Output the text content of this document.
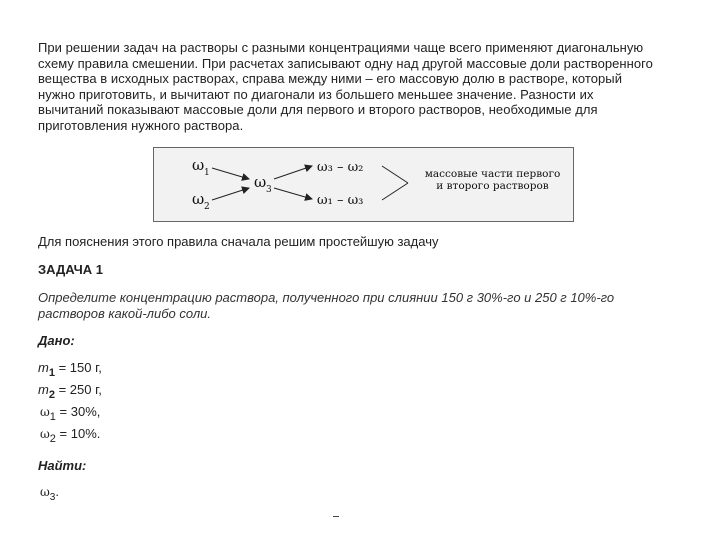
При решении задач на растворы с разными концентрациями чаще всего применяют диагональную
схему правила смешении. При расчетах записывают одну над другой массовые доли растворенного
вещества в исходных растворах, справа между ними – его массовую долю в растворе, который
нужно приготовить, и вычитают по диагонали из большего меньшее значение. Разности их
вычитаний показывают массовые доли для первого и второго растворов, необходимые для
приготовления нужного раствора.
ω 1
ω 2
ω 3
ω₃ – ω₂
ω₁ – ω₃
массовые части первого
и второго растворов
Для пояснения этого правила сначала решим простейшую задачу
ЗАДАЧА 1
Определите концентрацию раствора, полученного при слиянии 150 г 30%-го и 250 г 10%-го
растворов какой-либо соли.
Дано:
$m_1 = 150$ г,
$m_2 = 250$ г,
$\omega_1 = 30\%$,
$\omega_2 = 10\%$.
Найти:
$\omega_3$.
